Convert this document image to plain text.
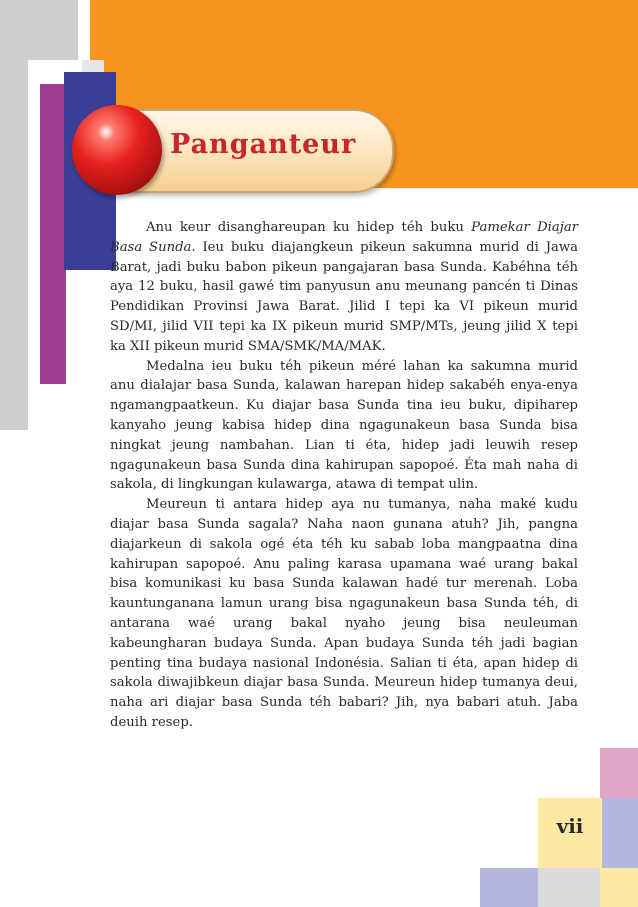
Panganteur

Anu keur disanghareupan ku hidep téh buku Pamekar Diajar Basa Sunda. Ieu buku diajangkeun pikeun sakumna murid di Jawa Barat, jadi buku babon pikeun pangajaran basa Sunda. Kabéhna téh aya 12 buku, hasil gawé tim panyusun anu meunang pancén ti Dinas Pendidikan Provinsi Jawa Barat. Jilid I tepi ka VI pikeun murid SD/MI, jilid VII tepi ka IX pikeun murid SMP/MTs, jeung jilid X tepi ka XII pikeun murid SMA/SMK/MA/MAK.

Medalna ieu buku téh pikeun méré lahan ka sakumna murid anu dialajar basa Sunda, kalawan harepan hidep sakabéh enya-enya ngamangpaatkeun. Ku diajar basa Sunda tina ieu buku, dipiharep kanyaho jeung kabisa hidep dina ngagunakeun basa Sunda bisa ningkat jeung nambahan. Lian ti éta, hidep jadi leuwih resep ngagunakeun basa Sunda dina kahirupan sapopoé. Éta mah naha di sakola, di lingkungan kulawarga, atawa di tempat ulin.

Meureun ti antara hidep aya nu tumanya, naha maké kudu diajar basa Sunda sagala? Naha naon gunana atuh? Jih, pangna diajarkeun di sakola ogé éta téh ku sabab loba mangpaatna dina kahirupan sapopoé. Anu paling karasa upamana waé urang bakal bisa komunikasi ku basa Sunda kalawan hadé tur merenah. Loba kauntunganana lamun urang bisa ngagunakeun basa Sunda téh, di antarana waé urang bakal nyaho jeung bisa neuleuman kabeungharan budaya Sunda. Apan budaya Sunda téh jadi bagian penting tina budaya nasional Indonésia. Salian ti éta, apan hidep di sakola diwajibkeun diajar basa Sunda. Meureun hidep tumanya deui, naha ari diajar basa Sunda téh babari? Jih, nya babari atuh. Jaba deuih resep.

vii
